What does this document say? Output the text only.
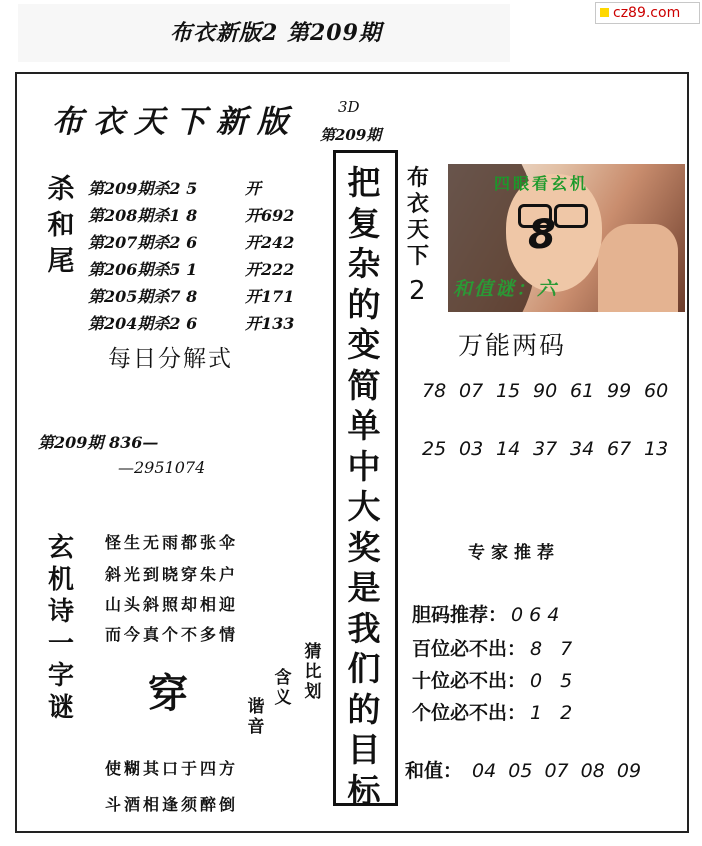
cz89.com
布衣新版2 第209期
布衣天下新版	3D
第209期
杀
和
尾
第209期杀2 5	开
第208期杀1 8	开692
第207期杀2 6	开242
第206期杀5 1	开222
第205期杀7 8	开171
第204期杀2 6	开133
每日分解式
第209期 836—
—2951074
把
复
杂
的
变
简
单
中
大
奖
是
我
们
的
目
标
布
衣
天
下
2
四眼看玄机
8
和值谜：六
万能两码
78 07 15 90 61 99 60
25 03 14 37 34 67 13
玄
机
诗
一
字
谜
怪生无雨都张伞
斜光到晓穿朱户
山头斜照却相迎
而今真个不多情
穿	谐
音
含
义
猜
比
划
使糊其口于四方
斗酒相逢须醉倒
专家推荐
胆码推荐： 064
百位必不出： 8 7
十位必不出： 0 5
个位必不出： 1 2
和值： 04 05 07 08 09
